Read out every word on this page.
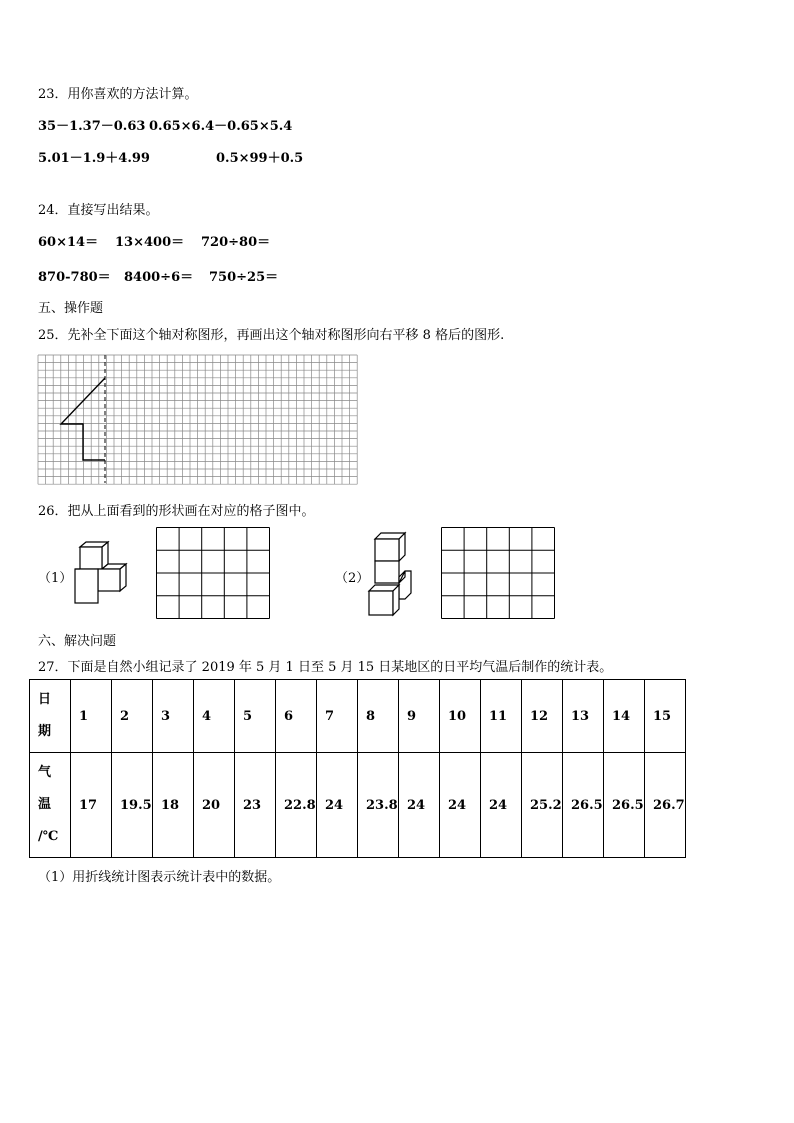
23．用你喜欢的方法计算。
35－1.37－0.63 0.65×6.4－0.65×5.4
5.01－1.9＋4.99	0.5×99＋0.5
24．直接写出结果。
60×14＝ 13×400＝ 720÷80＝
870-780＝ 8400÷6＝ 750÷25＝
五、操作题
25．先补全下面这个轴对称图形，再画出这个轴对称图形向右平移 8 格后的图形.
26．把从上面看到的形状画在对应的格子图中。
（1）	（2）
六、解决问题
27．下面是自然小组记录了 2019 年 5 月 1 日至 5 月 15 日某地区的日平均气温后制作的统计表。
日
期	1	2	3	4	5	6	7	8	9	10	11	12	13	14	15

气
温
/℃	17	19.5	18	20	23	22.8	24	23.8	24	24	24	25.2	26.5	26.5	26.7
（1）用折线统计图表示统计表中的数据。
